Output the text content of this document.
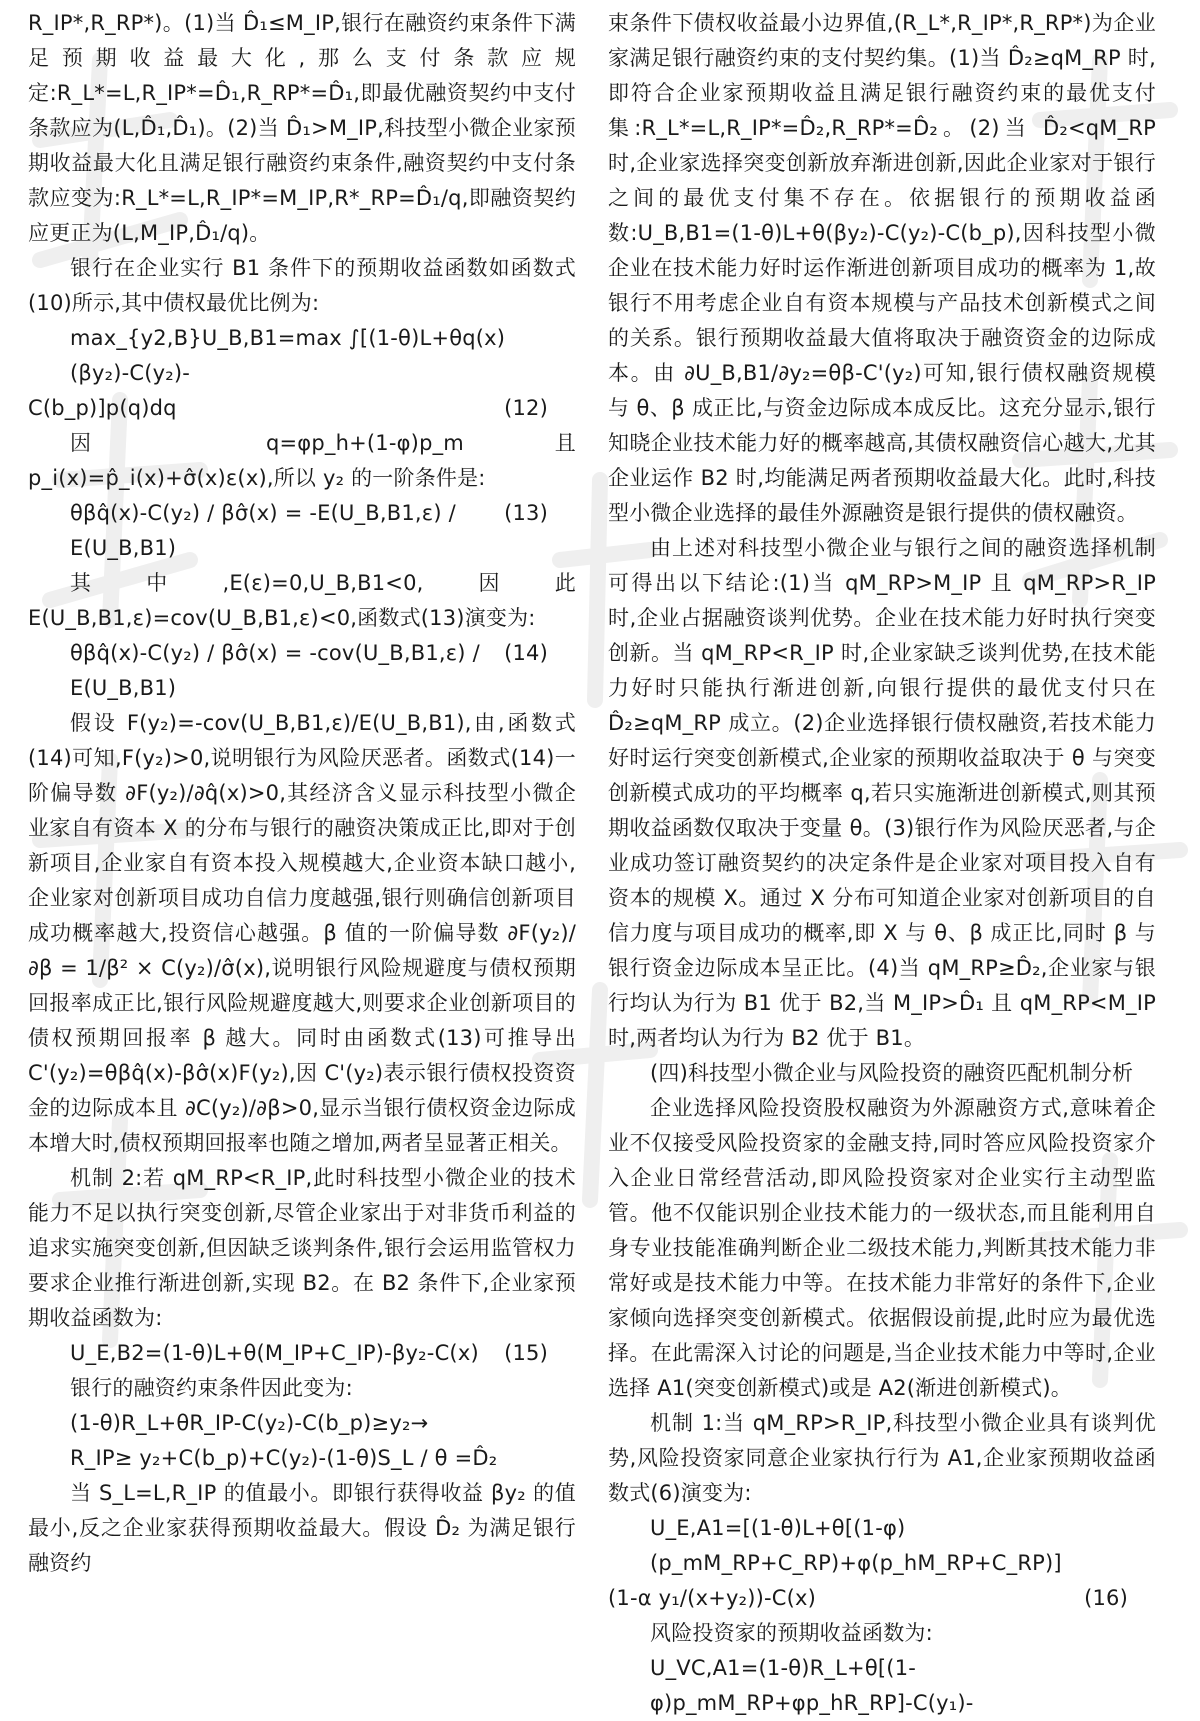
R_IP*,R_RP*)。(1)当 D̂₁≤M_IP,银行在融资约束条件下满足预期收益最大化,那么支付条款应规定:R_L*=L,R_IP*=D̂₁,R_RP*=D̂₁,即最优融资契约中支付条款应为(L,D̂₁,D̂₁)。(2)当 D̂₁>M_IP,科技型小微企业家预期收益最大化且满足银行融资约束条件,融资契约中支付条款应变为:R_L*=L,R_IP*=M_IP,R*_RP=D̂₁/q,即融资契约应更正为(L,M_IP,D̂₁/q)。

银行在企业实行 B1 条件下的预期收益函数如函数式(10)所示,其中债权最优比例为:

max_{y2,B}U_B,B1=max ∫[(1-θ)L+θq(x)(βy₂)-C(y₂)-
C(b_p)]p(q)dq	(12)

因 q=φp_h+(1-φ)p_m 且 p_i(x)=p̂_i(x)+σ̂(x)ε(x),所以 y₂ 的一阶条件是:

θβq̂(x)-C(y₂) / βσ̂(x) = -E(U_B,B1,ε) / E(U_B,B1)
(13)

其中,E(ε)=0,U_B,B1<0,因此 E(U_B,B1,ε)=cov(U_B,B1,ε)<0,函数式(13)演变为:

θβq̂(x)-C(y₂) / βσ̂(x) = -cov(U_B,B1,ε) / E(U_B,B1)
(14)

假设 F(y₂)=-cov(U_B,B1,ε)/E(U_B,B1),由,函数式(14)可知,F(y₂)>0,说明银行为风险厌恶者。函数式(14)一阶偏导数 ∂F(y₂)/∂q̂(x)>0,其经济含义显示科技型小微企业家自有资本 X 的分布与银行的融资决策成正比,即对于创新项目,企业家自有资本投入规模越大,企业资本缺口越小,企业家对创新项目成功自信力度越强,银行则确信创新项目成功概率越大,投资信心越强。β 值的一阶偏导数 ∂F(y₂)/∂β = 1/β² × C(y₂)/σ̂(x),说明银行风险规避度与债权预期回报率成正比,银行风险规避度越大,则要求企业创新项目的债权预期回报率 β 越大。同时由函数式(13)可推导出 C'(y₂)=θβq̂(x)-βσ̂(x)F(y₂),因 C'(y₂)表示银行债权投资资金的边际成本且 ∂C(y₂)/∂β>0,显示当银行债权资金边际成本增大时,债权预期回报率也随之增加,两者呈显著正相关。

机制 2:若 qM_RP<R_IP,此时科技型小微企业的技术能力不足以执行突变创新,尽管企业家出于对非货币利益的追求实施突变创新,但因缺乏谈判条件,银行会运用监管权力要求企业推行渐进创新,实现 B2。在 B2 条件下,企业家预期收益函数为:

U_E,B2=(1-θ)L+θ(M_IP+C_IP)-βy₂-C(x) (15)

银行的融资约束条件因此变为:

(1-θ)R_L+θR_IP-C(y₂)-C(b_p)≥y₂→
R_IP≥ y₂+C(b_p)+C(y₂)-(1-θ)S_L / θ =D̂₂

当 S_L=L,R_IP 的值最小。即银行获得收益 βy₂ 的值最小,反之企业家获得预期收益最大。假设 D̂₂ 为满足银行融资约

束条件下债权收益最小边界值,(R_L*,R_IP*,R_RP*)为企业家满足银行融资约束的支付契约集。(1)当 D̂₂≥qM_RP 时,即符合企业家预期收益且满足银行融资约束的最优支付集:R_L*=L,R_IP*=D̂₂,R_RP*=D̂₂。(2)当 D̂₂<qM_RP 时,企业家选择突变创新放弃渐进创新,因此企业家对于银行之间的最优支付集不存在。依据银行的预期收益函数:U_B,B1=(1-θ)L+θ(βy₂)-C(y₂)-C(b_p),因科技型小微企业在技术能力好时运作渐进创新项目成功的概率为 1,故银行不用考虑企业自有资本规模与产品技术创新模式之间的关系。银行预期收益最大值将取决于融资资金的边际成本。由 ∂U_B,B1/∂y₂=θβ-C'(y₂)可知,银行债权融资规模与 θ、β 成正比,与资金边际成本成反比。这充分显示,银行知晓企业技术能力好的概率越高,其债权融资信心越大,尤其企业运作 B2 时,均能满足两者预期收益最大化。此时,科技型小微企业选择的最佳外源融资是银行提供的债权融资。

由上述对科技型小微企业与银行之间的融资选择机制可得出以下结论:(1)当 qM_RP>M_IP 且 qM_RP>R_IP 时,企业占据融资谈判优势。企业在技术能力好时执行突变创新。当 qM_RP<R_IP 时,企业家缺乏谈判优势,在技术能力好时只能执行渐进创新,向银行提供的最优支付只在 D̂₂≥qM_RP 成立。(2)企业选择银行债权融资,若技术能力好时运行突变创新模式,企业家的预期收益取决于 θ 与突变创新模式成功的平均概率 q,若只实施渐进创新模式,则其预期收益函数仅取决于变量 θ。(3)银行作为风险厌恶者,与企业成功签订融资契约的决定条件是企业家对项目投入自有资本的规模 X。通过 X 分布可知道企业家对创新项目的自信力度与项目成功的概率,即 X 与 θ、β 成正比,同时 β 与银行资金边际成本呈正比。(4)当 qM_RP≥D̂₂,企业家与银行均认为行为 B1 优于 B2,当 M_IP>D̂₁ 且 qM_RP<M_IP 时,两者均认为行为 B2 优于 B1。

(四)科技型小微企业与风险投资的融资匹配机制分析

企业选择风险投资股权融资为外源融资方式,意味着企业不仅接受风险投资家的金融支持,同时答应风险投资家介入企业日常经营活动,即风险投资家对企业实行主动型监管。他不仅能识别企业技术能力的一级状态,而且能利用自身专业技能准确判断企业二级技术能力,判断其技术能力非常好或是技术能力中等。在技术能力非常好的条件下,企业家倾向选择突变创新模式。依据假设前提,此时应为最优选择。在此需深入讨论的问题是,当企业技术能力中等时,企业选择 A1(突变创新模式)或是 A2(渐进创新模式)。

机制 1:当 qM_RP>R_IP,科技型小微企业具有谈判优势,风险投资家同意企业家执行行为 A1,企业家预期收益函数式(6)演变为:

U_E,A1=[(1-θ)L+θ[(1-φ)(p_mM_RP+C_RP)+φ(p_hM_RP+C_RP)]
(1-α y₁/(x+y₂))-C(x)	(16)

风险投资家的预期收益函数为:

U_VC,A1=(1-θ)R_L+θ[(1-φ)p_mM_RP+φp_hR_RP]-C(y₁)-
